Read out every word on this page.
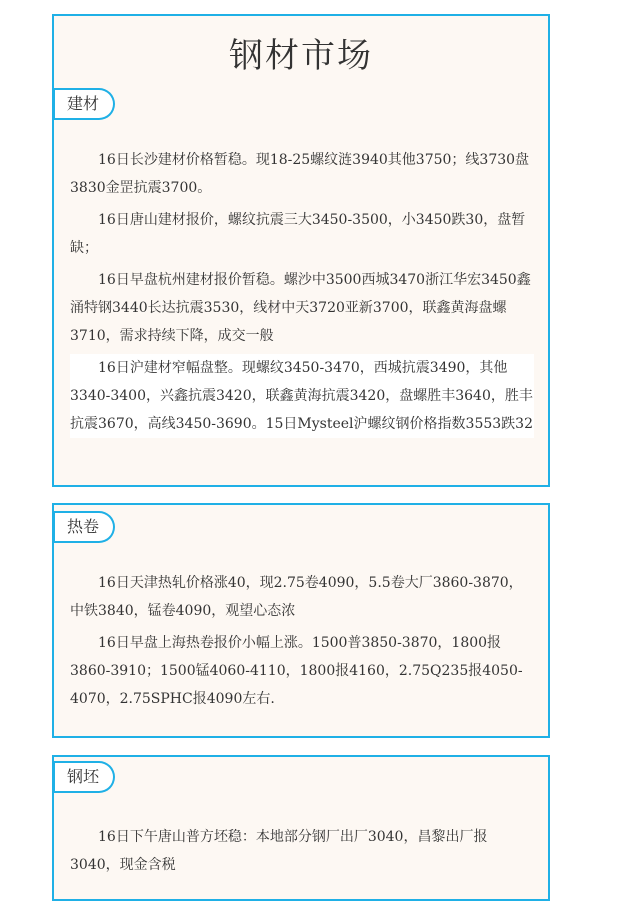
钢材市场
建材

16日长沙建材价格暂稳。现18-25螺纹涟3940其他3750；线3730盘3830金罡抗震3700。

16日唐山建材报价，螺纹抗震三大3450-3500，小3450跌30，盘暂缺；

16日早盘杭州建材报价暂稳。螺沙中3500西城3470浙江华宏3450鑫涌特钢3440长达抗震3530，线材中天3720亚新3700，联鑫黄海盘螺3710，需求持续下降，成交一般

16日沪建材窄幅盘整。现螺纹3450-3470，西城抗震3490，其他3340-3400，兴鑫抗震3420，联鑫黄海抗震3420，盘螺胜丰3640，胜丰抗震3670，高线3450-3690。15日Mysteel沪螺纹钢价格指数3553跌32

热卷

16日天津热轧价格涨40，现2.75卷4090，5.5卷大厂3860-3870，中铁3840，锰卷4090，观望心态浓

16日早盘上海热卷报价小幅上涨。1500普3850-3870，1800报3860-3910；1500锰4060-4110，1800报4160，2.75Q235报4050-4070，2.75SPHC报4090左右.

钢坯

16日下午唐山普方坯稳：本地部分钢厂出厂3040，昌黎出厂报3040，现金含税
